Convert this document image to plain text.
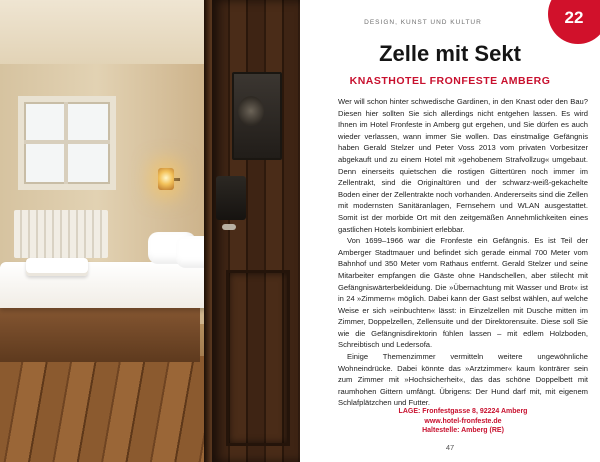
DESIGN, KUNST UND KULTUR	22
Zelle mit Sekt
KNASTHOTEL FRONFESTE AMBERG

Wer will schon hinter schwedische Gardinen, in den Knast oder den Bau? Diesen hier sollten Sie sich allerdings nicht entgehen lassen. Es wird Ihnen im Hotel Fronfeste in Amberg gut ergehen, und Sie dürfen es auch wieder verlassen, wann immer Sie wollen. Das einstmalige Gefängnis haben Gerald Stelzer und Peter Voss 2013 vom privaten Vorbesitzer abgekauft und zu einem Hotel mit »gehobenem Strafvollzug« umgebaut. Denn einerseits quietschen die rostigen Gittertüren noch immer im Zellentrakt, sind die Originaltüren und der schwarz-weiß-gekachelte Boden einer der Zellentrakte noch vorhanden. Andererseits sind die Zellen mit modernsten Sanitäranlagen, Fernsehern und WLAN ausgestattet. Somit ist der morbide Ort mit den zeitgemäßen Annehmlichkeiten eines gastlichen Hotels kombiniert erlebbar.

Von 1699–1966 war die Fronfeste ein Gefängnis. Es ist Teil der Amberger Stadtmauer und befindet sich gerade einmal 700 Meter vom Bahnhof und 350 Meter vom Rathaus entfernt. Gerald Stelzer und seine Mitarbeiter empfangen die Gäste ohne Handschellen, aber stilecht mit Gefängniswärterbekleidung. Die »Übernachtung mit Wasser und Brot« ist in 24 »Zimmern« möglich. Dabei kann der Gast selbst wählen, auf welche Weise er sich »einbuchten« lässt: in Einzelzellen mit Dusche mitten im Zimmer, Doppelzellen, Zellensuite und der Direktorensuite. Diese soll Sie wie die Gefängnisdirektorin fühlen lassen – mit edlem Holzboden, Schreibtisch und Ledersofa.

Einige Themenzimmer vermitteln weitere ungewöhnliche Wohneindrücke. Dabei könnte das »Arztzimmer« kaum konträrer sein zum Zimmer mit »Hochsicherheit«, das das schöne Doppelbett mit raumhohen Gittern umfängt. Übrigens: Der Hund darf mit, mit eigenem Schlafplätzchen und Futter.

LAGE: Fronfestgasse 8, 92224 Amberg
www.hotel-fronfeste.de
Haltestelle: Amberg (RE)
47
